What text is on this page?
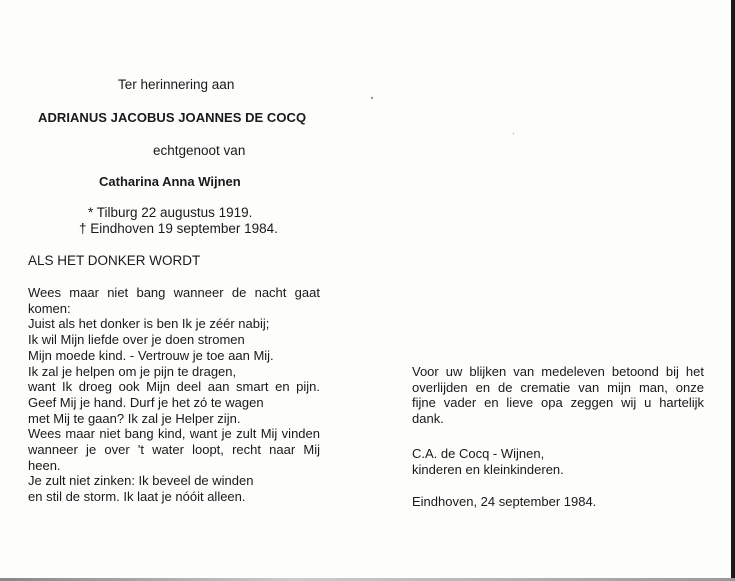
Ter herinnering aan
ADRIANUS JACOBUS JOANNES DE COCQ
echtgenoot van
Catharina Anna Wijnen
* Tilburg 22 augustus 1919.
† Eindhoven 19 september 1984.
ALS HET DONKER WORDT
Wees maar niet bang wanneer de nacht gaat
komen:
Juist als het donker is ben Ik je zéér nabij;
Ik wil Mijn liefde over je doen stromen
Mijn moede kind. - Vertrouw je toe aan Mij.
Ik zal je helpen om je pijn te dragen,
want Ik droeg ook Mijn deel aan smart en pijn.
Geef Mij je hand. Durf je het zó te wagen
met Mij te gaan? Ik zal je Helper zijn.
Wees maar niet bang kind, want je zult Mij vinden
wanneer je over 't water loopt, recht naar Mij
heen.
Je zult niet zinken: Ik beveel de winden
en stil de storm. Ik laat je nóóit alleen.
Voor uw blijken van medeleven betoond bij het
overlijden en de crematie van mijn man, onze
fijne vader en lieve opa zeggen wij u hartelijk
dank.
C.A. de Cocq - Wijnen,
kinderen en kleinkinderen.
Eindhoven, 24 september 1984.
